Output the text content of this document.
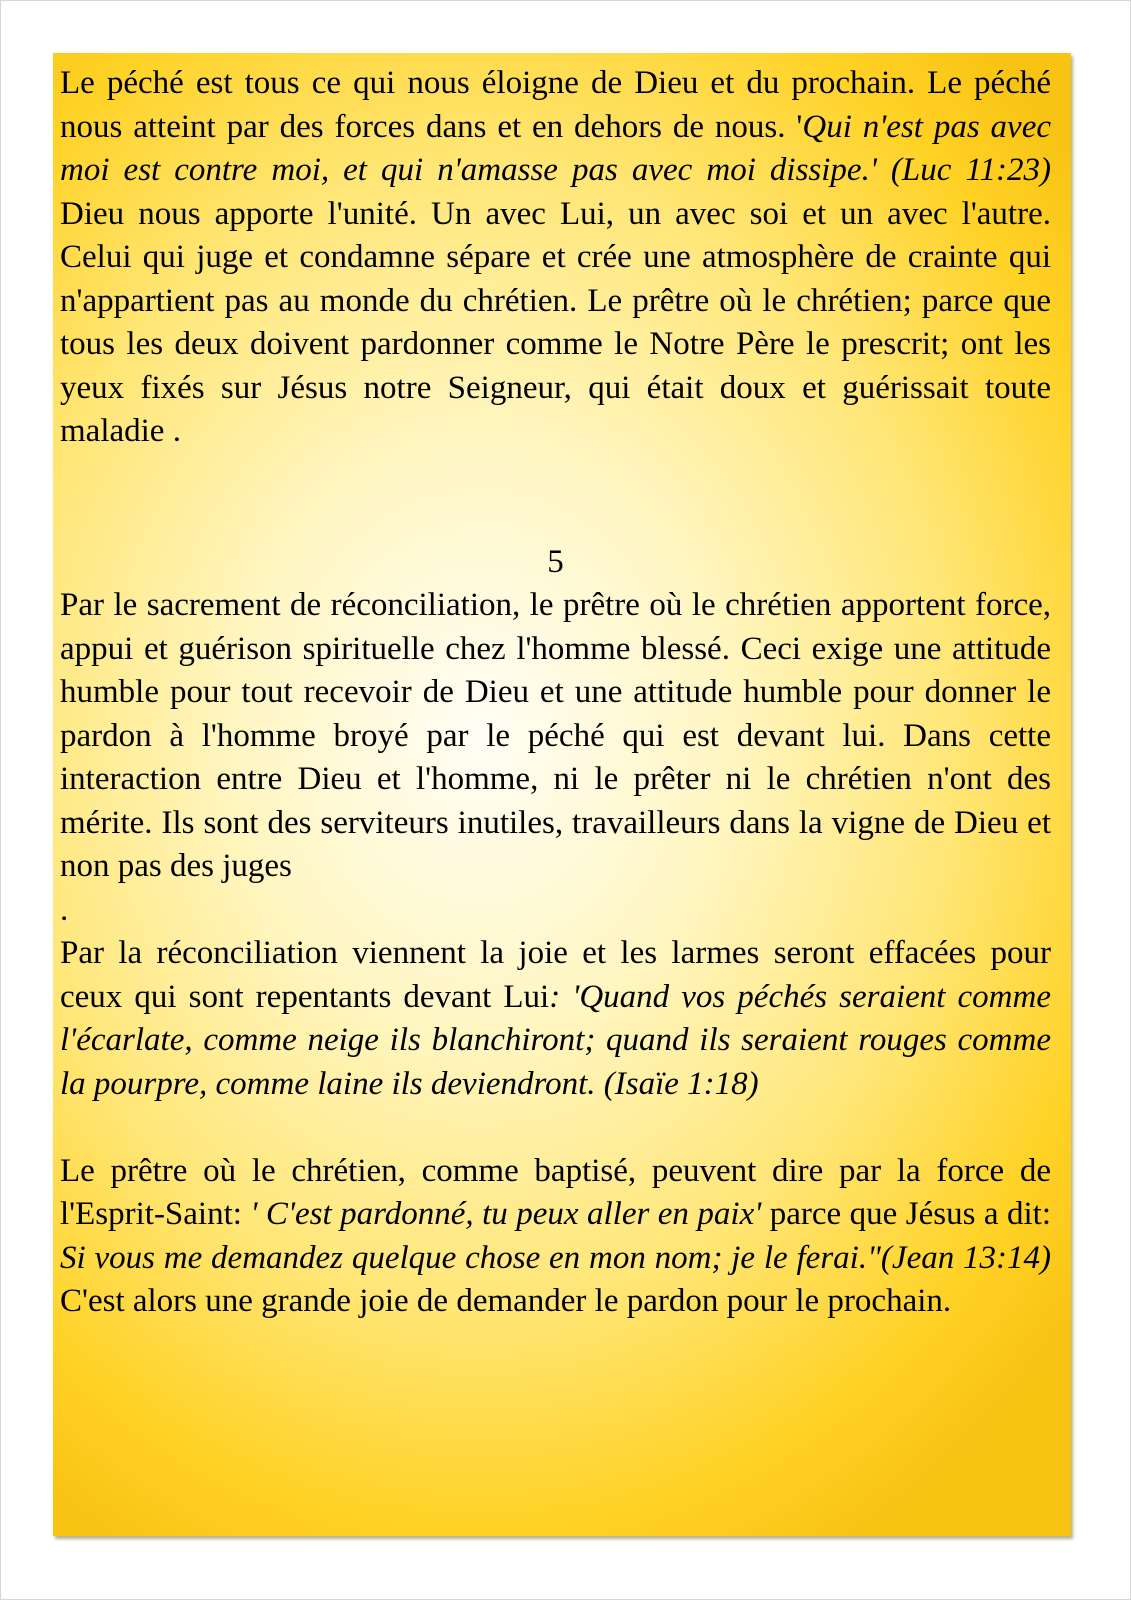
Le péché est tous ce qui nous éloigne de Dieu et du prochain. Le péché nous atteint par des forces dans et en dehors de nous. 'Qui n'est pas avec moi est contre moi, et qui n'amasse pas avec moi dissipe.' (Luc 11:23) Dieu nous apporte l'unité. Un avec Lui, un avec soi et un avec l'autre. Celui qui juge et condamne sépare et crée une atmosphère de crainte qui n'appartient pas au monde du chrétien. Le prêtre où le chrétien; parce que tous les deux doivent pardonner comme le Notre Père le prescrit; ont les yeux fixés sur Jésus notre Seigneur, qui était doux et guérissait toute maladie .

5

Par le sacrement de réconciliation, le prêtre où le chrétien apportent force, appui et guérison spirituelle chez l'homme blessé. Ceci exige une attitude humble pour tout recevoir de Dieu et une attitude humble pour donner le pardon à l'homme broyé par le péché qui est devant lui. Dans cette interaction entre Dieu et l'homme, ni le prêter ni le chrétien n'ont des mérite. Ils sont des serviteurs inutiles, travailleurs dans la vigne de Dieu et non pas des juges

.

Par la réconciliation viennent la joie et les larmes seront effacées pour ceux qui sont repentants devant Lui: 'Quand vos péchés seraient comme l'écarlate, comme neige ils blanchiront; quand ils seraient rouges comme la pourpre, comme laine ils deviendront. (Isaïe 1:18)

Le prêtre où le chrétien, comme baptisé, peuvent dire par la force de l'Esprit-Saint: ' C'est pardonné, tu peux aller en paix' parce que Jésus a dit: Si vous me demandez quelque chose en mon nom; je le ferai."(Jean 13:14) C'est alors une grande joie de demander le pardon pour le prochain.
